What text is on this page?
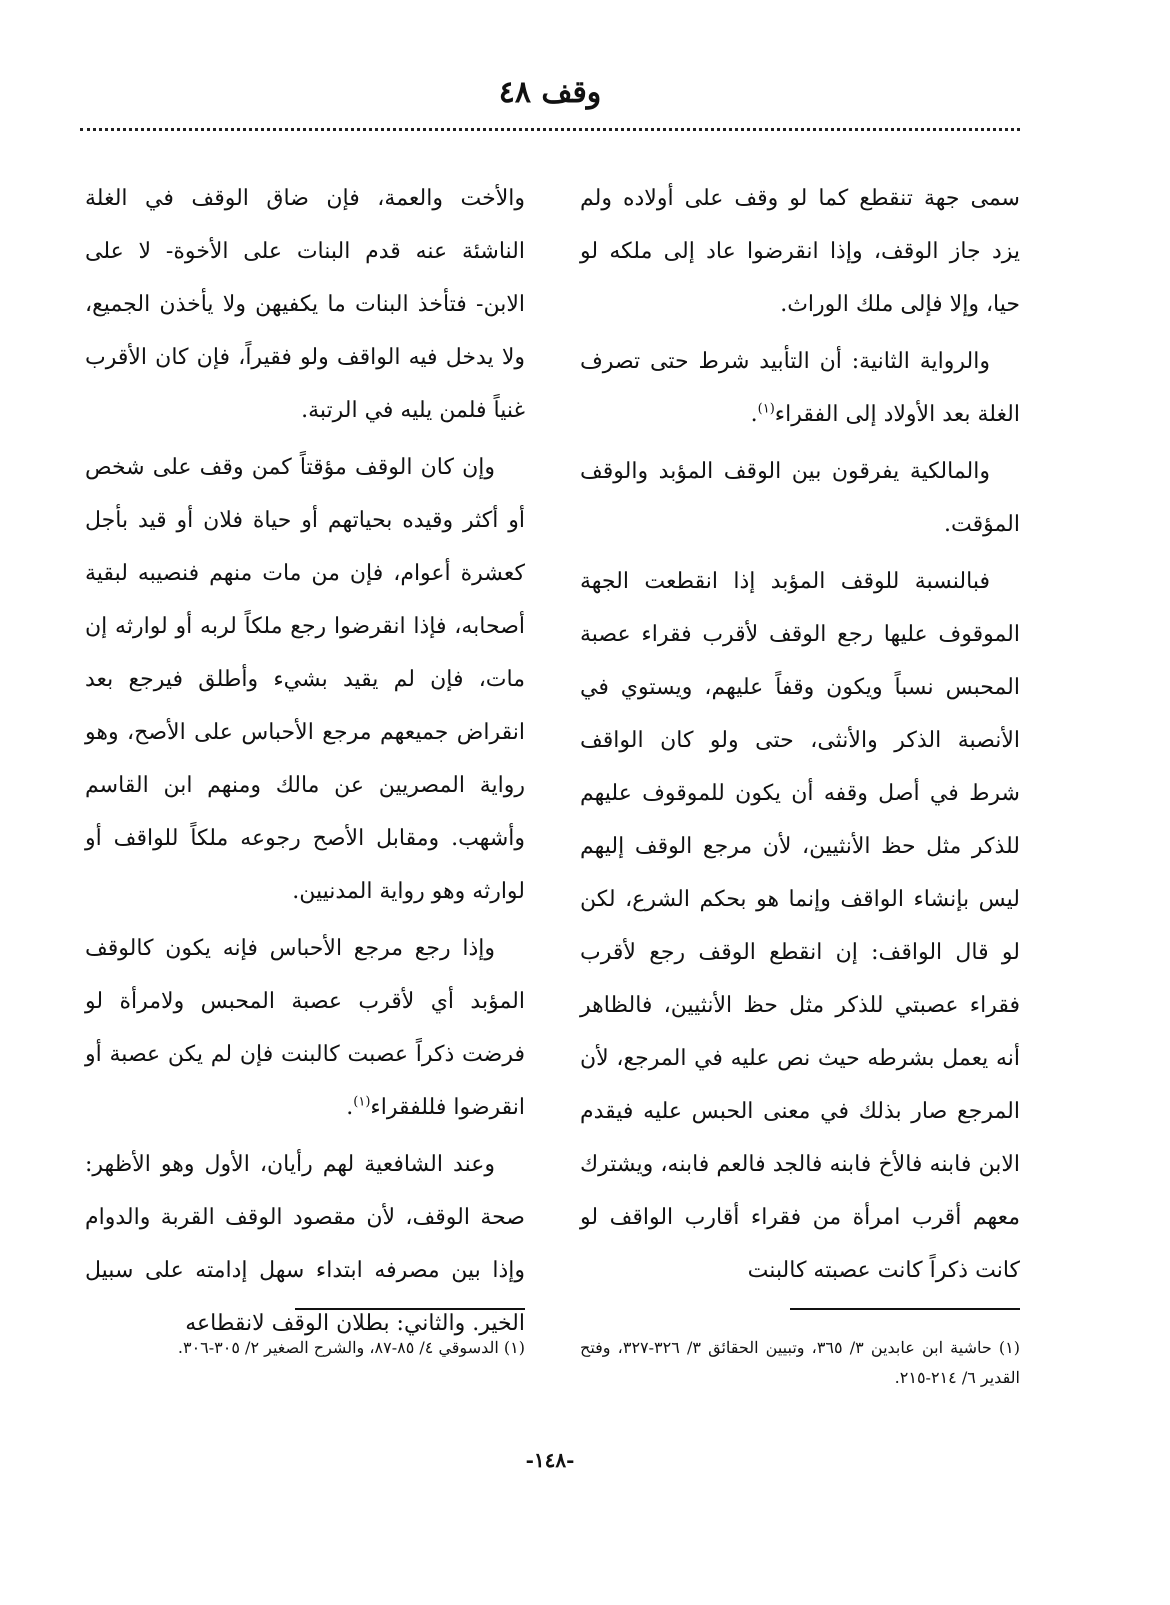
وقف ٤٨

سمى جهة تنقطع كما لو وقف على أولاده ولم يزد جاز الوقف، وإذا انقرضوا عاد إلى ملكه لو حيا، وإلا فإلى ملك الوراث.

والرواية الثانية: أن التأبيد شرط حتى تصرف الغلة بعد الأولاد إلى الفقراء$^{(١)}$.

والمالكية يفرقون بين الوقف المؤبد والوقف المؤقت.

فبالنسبة للوقف المؤبد إذا انقطعت الجهة الموقوف عليها رجع الوقف لأقرب فقراء عصبة المحبس نسباً ويكون وقفاً عليهم، ويستوي في الأنصبة الذكر والأنثى، حتى ولو كان الواقف شرط في أصل وقفه أن يكون للموقوف عليهم للذكر مثل حظ الأنثيين، لأن مرجع الوقف إليهم ليس بإنشاء الواقف وإنما هو بحكم الشرع، لكن لو قال الواقف: إن انقطع الوقف رجع لأقرب فقراء عصبتي للذكر مثل حظ الأنثيين، فالظاهر أنه يعمل بشرطه حيث نص عليه في المرجع، لأن المرجع صار بذلك في معنى الحبس عليه فيقدم الابن فابنه فالأخ فابنه فالجد فالعم فابنه، ويشترك معهم أقرب امرأة من فقراء أقارب الواقف لو كانت ذكراً كانت عصبته كالبنت

والأخت والعمة، فإن ضاق الوقف في الغلة الناشئة عنه قدم البنات على الأخوة- لا على الابن- فتأخذ البنات ما يكفيهن ولا يأخذن الجميع، ولا يدخل فيه الواقف ولو فقيراً، فإن كان الأقرب غنياً فلمن يليه في الرتبة.

وإن كان الوقف مؤقتاً كمن وقف على شخص أو أكثر وقيده بحياتهم أو حياة فلان أو قيد بأجل كعشرة أعوام، فإن من مات منهم فنصيبه لبقية أصحابه، فإذا انقرضوا رجع ملكاً لربه أو لوارثه إن مات، فإن لم يقيد بشيء وأطلق فيرجع بعد انقراض جميعهم مرجع الأحباس على الأصح، وهو رواية المصريين عن مالك ومنهم ابن القاسم وأشهب. ومقابل الأصح رجوعه ملكاً للواقف أو لوارثه وهو رواية المدنيين.

وإذا رجع مرجع الأحباس فإنه يكون كالوقف المؤبد أي لأقرب عصبة المحبس ولامرأة لو فرضت ذكراً عصبت كالبنت فإن لم يكن عصبة أو انقرضوا فللفقراء$^{(١)}$.

وعند الشافعية لهم رأيان، الأول وهو الأظهر: صحة الوقف، لأن مقصود الوقف القربة والدوام وإذا بين مصرفه ابتداء سهل إدامته على سبيل الخير. والثاني: بطلان الوقف لانقطاعه

(١) حاشية ابن عابدين ٣/ ٣٦٥، وتبيين الحقائق ٣/ ٣٢٦-٣٢٧، وفتح القدير ٦/ ٢١٤-٢١٥.
(١) الدسوقي ٤/ ٨٥-٨٧، والشرح الصغير ٢/ ٣٠٥-٣٠٦.
-١٤٨-
